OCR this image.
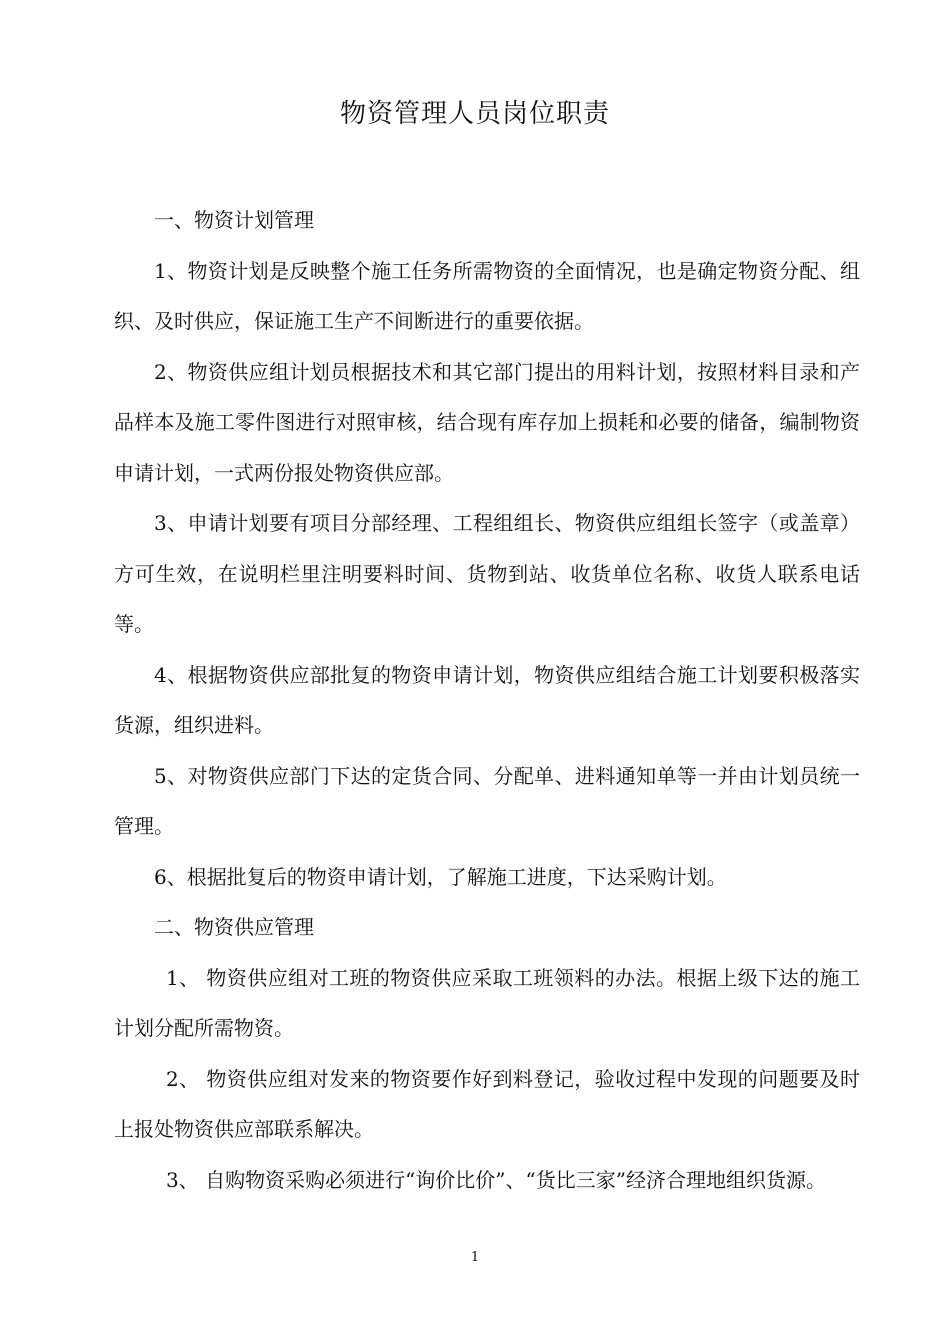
物资管理人员岗位职责

一、物资计划管理

1、物资计划是反映整个施工任务所需物资的全面情况，也是确定物资分配、组织、及时供应，保证施工生产不间断进行的重要依据。

2、物资供应组计划员根据技术和其它部门提出的用料计划，按照材料目录和产品样本及施工零件图进行对照审核，结合现有库存加上损耗和必要的储备，编制物资申请计划，一式两份报处物资供应部。

3、申请计划要有项目分部经理、工程组组长、物资供应组组长签字（或盖章）方可生效，在说明栏里注明要料时间、货物到站、收货单位名称、收货人联系电话等。

4、根据物资供应部批复的物资申请计划，物资供应组结合施工计划要积极落实货源，组织进料。

5、对物资供应部门下达的定货合同、分配单、进料通知单等一并由计划员统一管理。

6、根据批复后的物资申请计划，了解施工进度，下达采购计划。

二、物资供应管理

1、 物资供应组对工班的物资供应采取工班领料的办法。根据上级下达的施工计划分配所需物资。

2、 物资供应组对发来的物资要作好到料登记，验收过程中发现的问题要及时上报处物资供应部联系解决。

3、 自购物资采购必须进行“询价比价”、“货比三家”经济合理地组织货源。

1
